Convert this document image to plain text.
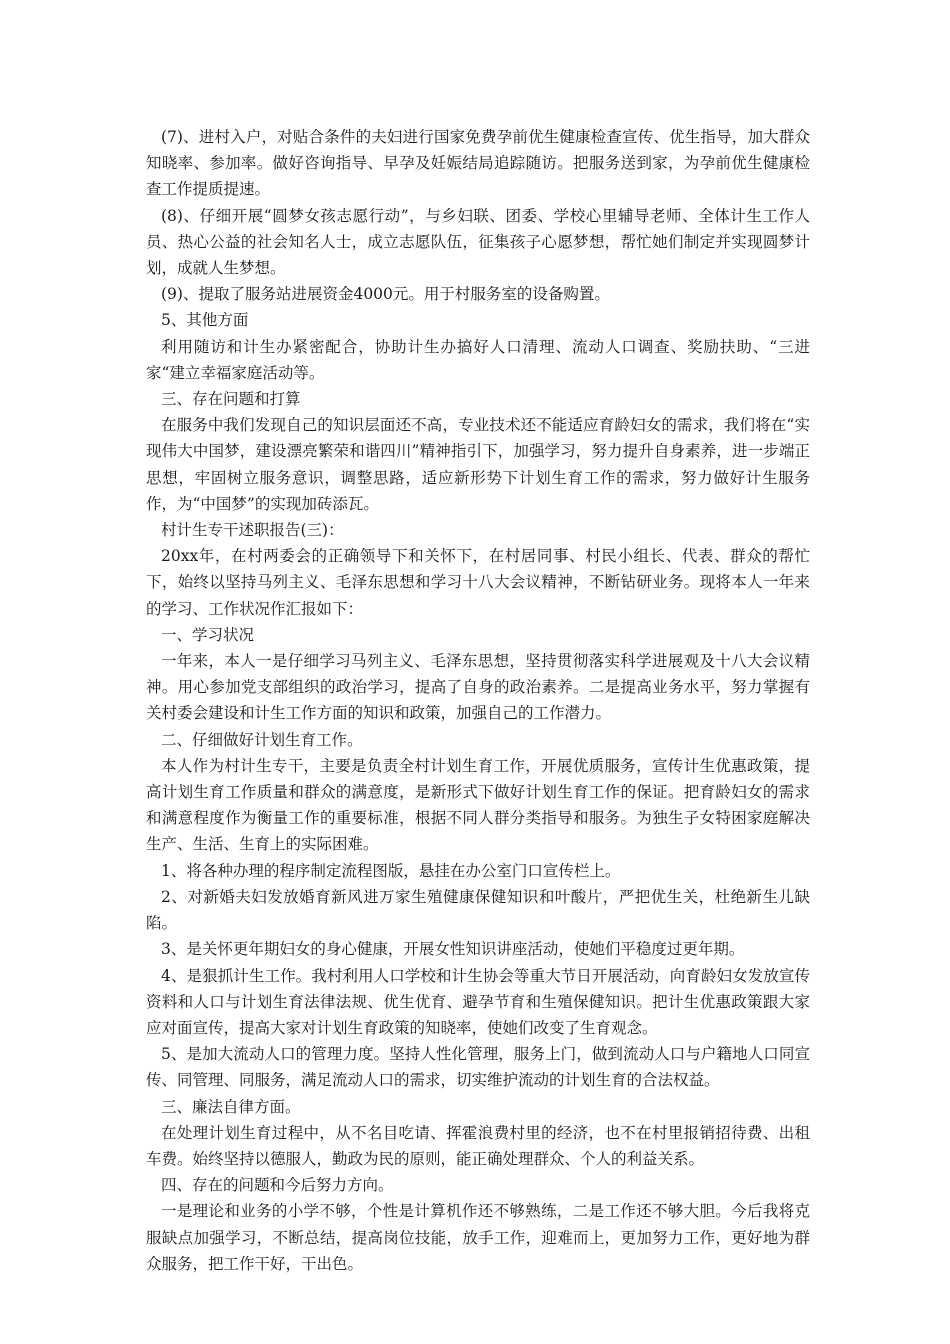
(7)、进村入户，对贴合条件的夫妇进行国家免费孕前优生健康检查宣传、优生指导，加大群众知晓率、参加率。做好咨询指导、早孕及妊娠结局追踪随访。把服务送到家，为孕前优生健康检查工作提质提速。

(8)、仔细开展“圆梦女孩志愿行动”，与乡妇联、团委、学校心里辅导老师、全体计生工作人员、热心公益的社会知名人士，成立志愿队伍，征集孩子心愿梦想，帮忙她们制定并实现圆梦计划，成就人生梦想。

(9)、提取了服务站进展资金4000元。用于村服务室的设备购置。

5、其他方面

利用随访和计生办紧密配合，协助计生办搞好人口清理、流动人口调查、奖励扶助、“三进家“建立幸福家庭活动等。

三、存在问题和打算

在服务中我们发现自己的知识层面还不高，专业技术还不能适应育龄妇女的需求，我们将在“实现伟大中国梦，建设漂亮繁荣和谐四川”精神指引下，加强学习，努力提升自身素养，进一步端正思想，牢固树立服务意识，调整思路，适应新形势下计划生育工作的需求，努力做好计生服务作，为“中国梦”的实现加砖添瓦。

村计生专干述职报告(三)：

20xx年，在村两委会的正确领导下和关怀下，在村居同事、村民小组长、代表、群众的帮忙下，始终以坚持马列主义、毛泽东思想和学习十八大会议精神，不断钻研业务。现将本人一年来的学习、工作状况作汇报如下：

一、学习状况

一年来，本人一是仔细学习马列主义、毛泽东思想，坚持贯彻落实科学进展观及十八大会议精神。用心参加党支部组织的政治学习，提高了自身的政治素养。二是提高业务水平，努力掌握有关村委会建设和计生工作方面的知识和政策，加强自己的工作潜力。

二、仔细做好计划生育工作。

本人作为村计生专干，主要是负责全村计划生育工作，开展优质服务，宣传计生优惠政策，提高计划生育工作质量和群众的满意度，是新形式下做好计划生育工作的保证。把育龄妇女的需求和满意程度作为衡量工作的重要标准，根据不同人群分类指导和服务。为独生子女特困家庭解决生产、生活、生育上的实际困难。

1、将各种办理的程序制定流程图版，悬挂在办公室门口宣传栏上。

2、对新婚夫妇发放婚育新风进万家生殖健康保健知识和叶酸片，严把优生关，杜绝新生儿缺陷。

3、是关怀更年期妇女的身心健康，开展女性知识讲座活动，使她们平稳度过更年期。

4、是狠抓计生工作。我村利用人口学校和计生协会等重大节日开展活动，向育龄妇女发放宣传资料和人口与计划生育法律法规、优生优育、避孕节育和生殖保健知识。把计生优惠政策跟大家应对面宣传，提高大家对计划生育政策的知晓率，使她们改变了生育观念。

5、是加大流动人口的管理力度。坚持人性化管理，服务上门，做到流动人口与户籍地人口同宣传、同管理、同服务，满足流动人口的需求，切实维护流动的计划生育的合法权益。

三、廉法自律方面。

在处理计划生育过程中，从不名目吃请、挥霍浪费村里的经济，也不在村里报销招待费、出租车费。始终坚持以德服人，勤政为民的原则，能正确处理群众、个人的利益关系。

四、存在的问题和今后努力方向。

一是理论和业务的小学不够，个性是计算机作还不够熟练，二是工作还不够大胆。今后我将克服缺点加强学习，不断总结，提高岗位技能，放手工作，迎难而上，更加努力工作，更好地为群众服务，把工作干好，干出色。
